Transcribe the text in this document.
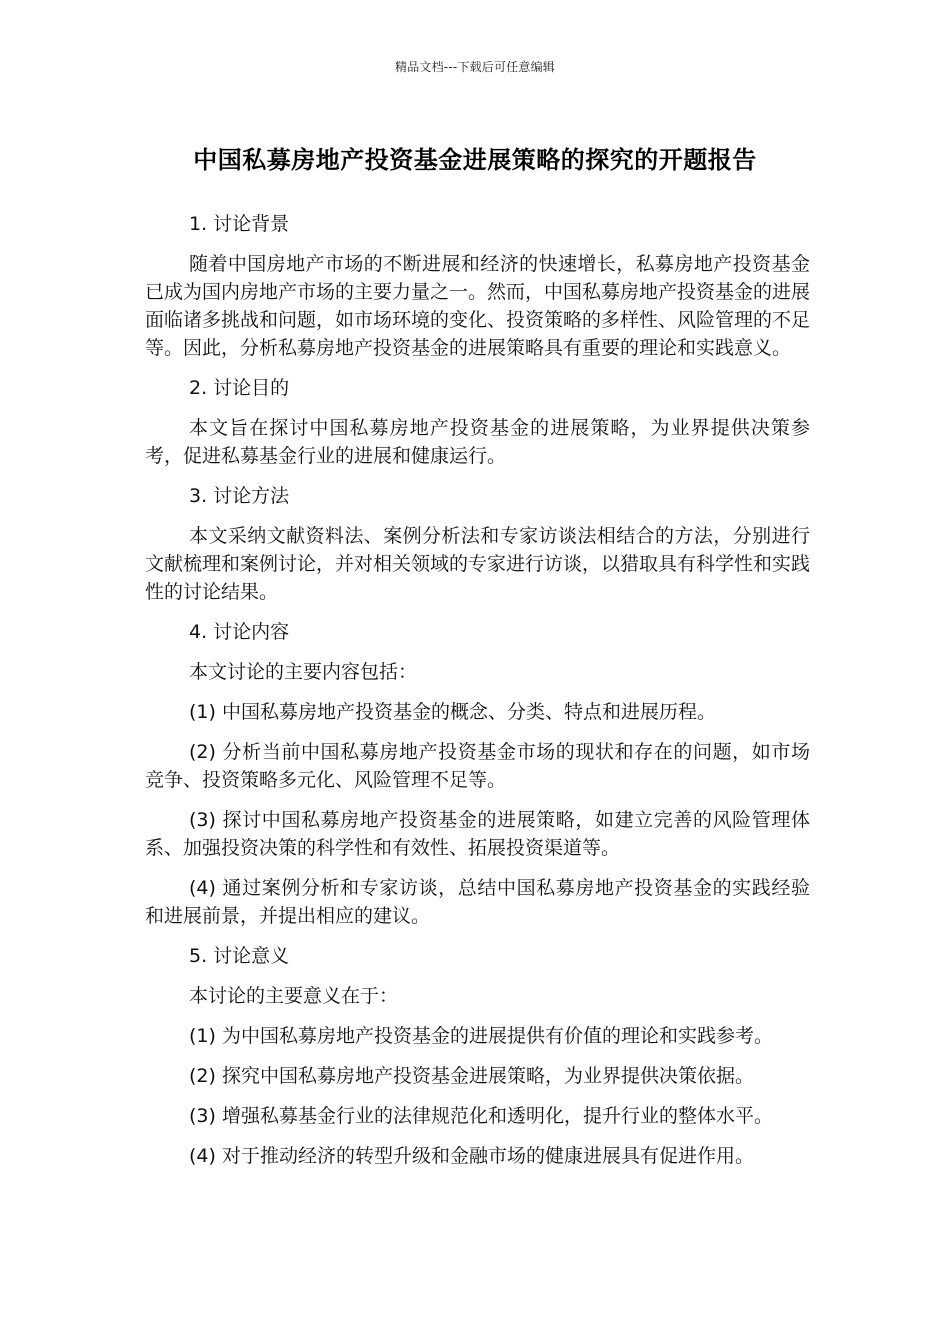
精品文档---下载后可任意编辑
中国私募房地产投资基金进展策略的探究的开题报告
1. 讨论背景
随着中国房地产市场的不断进展和经济的快速增长，私募房地产投资基金已成为国内房地产市场的主要力量之一。然而，中国私募房地产投资基金的进展面临诸多挑战和问题，如市场环境的变化、投资策略的多样性、风险管理的不足等。因此，分析私募房地产投资基金的进展策略具有重要的理论和实践意义。
2. 讨论目的
本文旨在探讨中国私募房地产投资基金的进展策略，为业界提供决策参考，促进私募基金行业的进展和健康运行。
3. 讨论方法
本文采纳文献资料法、案例分析法和专家访谈法相结合的方法，分别进行文献梳理和案例讨论，并对相关领域的专家进行访谈，以猎取具有科学性和实践性的讨论结果。
4. 讨论内容
本文讨论的主要内容包括：
(1) 中国私募房地产投资基金的概念、分类、特点和进展历程。
(2) 分析当前中国私募房地产投资基金市场的现状和存在的问题，如市场竞争、投资策略多元化、风险管理不足等。
(3) 探讨中国私募房地产投资基金的进展策略，如建立完善的风险管理体系、加强投资决策的科学性和有效性、拓展投资渠道等。
(4) 通过案例分析和专家访谈，总结中国私募房地产投资基金的实践经验和进展前景，并提出相应的建议。
5. 讨论意义
本讨论的主要意义在于：
(1) 为中国私募房地产投资基金的进展提供有价值的理论和实践参考。
(2) 探究中国私募房地产投资基金进展策略，为业界提供决策依据。
(3) 增强私募基金行业的法律规范化和透明化，提升行业的整体水平。
(4) 对于推动经济的转型升级和金融市场的健康进展具有促进作用。
